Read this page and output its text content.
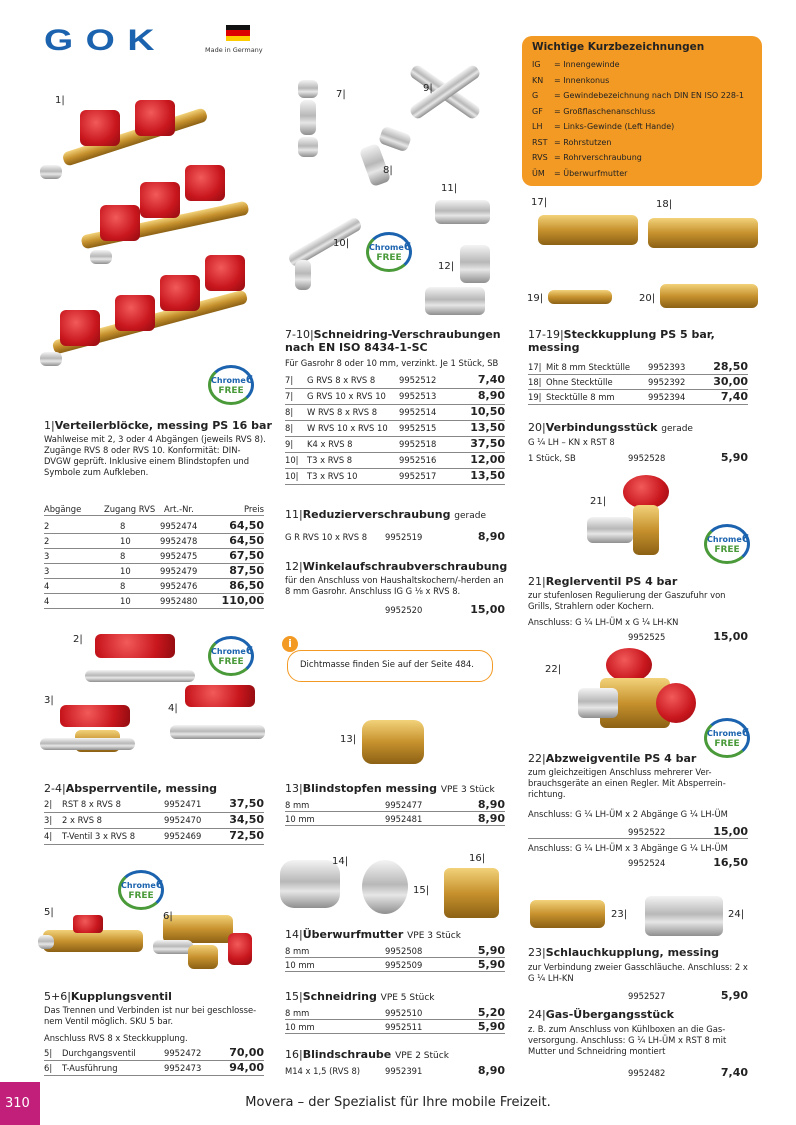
GOK	Made in Germany	Wichtige Kurzbezeichnungen
IG	= Innengewinde
KN	= Innenkonus
G	= Gewindebezeichnung nach DIN EN ISO 228-1
GF	= Großflaschenanschluss
LH	= Links-Gewinde (Left Hande)
RST = Rohrstutzen
RVS = Rohrverschraubung
ÜM	= Überwurfmutter
1|
Chrome6
FREE
1|Verteilerblöcke, messing PS 16 bar
Wahlweise mit 2, 3 oder 4 Abgängen (jeweils RVS 8). Zugänge RVS 8 oder RVS 10. Konformität: DIN-DVGW geprüft. Inklusive einem Blindstopfen und Symbole zum Aufkleben.
Abgänge	Zugang RVS	Art.-Nr.	Preis
2	8	9952474	64,50
2	10	9952478	64,50
3	8	9952475	67,50
3	10	9952479	87,50
4	8	9952476	86,50
4	10	9952480 110,00
2|
3|
4|
Chrome6
FREE
2-4|Absperrventile, messing
2| RST 8 x RVS 8	9952471	37,50
3| 2 x RVS 8	9952470	34,50
4| T-Ventil 3 x RVS 8	9952469	72,50
Chrome6
FREE
5|	6|
5+6|Kupplungsventil
Das Trennen und Verbinden ist nur bei geschlosse-nem Ventil möglich. SKU 5 bar.
Anschluss RVS 8 x Steckkupplung.
5| Durchgangsventil	9952472	70,00
6| T-Ausführung	9952473	94,00
7|
8|
9|
10|
11|
12|
Chrome6
FREE
7-10|Schneidring-Verschraubungen nach EN ISO 8434-1-SC
Für Gasrohr 8 oder 10 mm, verzinkt. Je 1 Stück, SB
7| G RVS 8 x RVS 8	9952512	7,40
7| G RVS 10 x RVS 10 9952513	8,90
8| W RVS 8 x RVS 8	9952514	10,50
8| W RVS 10 x RVS 10 9952515	13,50
9| K4 x RVS 8	9952518	37,50
10| T3 x RVS 8	9952516	12,00
10| T3 x RVS 10	9952517	13,50
11|Reduzierverschraubung gerade
G R RVS 10 x RVS 8 9952519	8,90
12|Winkelaufschraubverschraubung
für den Anschluss von Haushaltskochern/-herden an 8 mm Gasrohr. Anschluss IG G ⅛ x RVS 8.
9952520	15,00
i
Dichtmasse finden Sie auf der Seite 484.
13|
13|Blindstopfen messing VPE 3 Stück
8 mm	9952477	8,90
10 mm	9952481	8,90
14|
15|
16|
14|Überwurfmutter VPE 3 Stück
8 mm	9952508	5,90
10 mm	9952509	5,90
15|Schneidring VPE 5 Stück
8 mm	9952510	5,20
10 mm	9952511	5,90
16|Blindschraube VPE 2 Stück
M14 x 1,5 (RVS 8)	9952391	8,90
17|	18|
19|	20|
17-19|Steckkupplung PS 5 bar, messing
17| Mit 8 mm Stecktülle 9952393	28,50
18| Ohne Stecktülle	9952392	30,00
19| Stecktülle 8 mm	9952394	7,40
20|Verbindungsstück gerade
G ¼ LH – KN x RST 8
1 Stück, SB	9952528	5,90
21|
Chrome6
FREE
21|Reglerventil PS 4 bar
zur stufenlosen Regulierung der Gaszufuhr von Grills, Strahlern oder Kochern.
Anschluss: G ¼ LH-ÜM x G ¼ LH-KN
9952525	15,00
22|
Chrome6
FREE
22|Abzweigventile PS 4 bar
zum gleichzeitigen Anschluss mehrerer Ver-brauchsgeräte an einen Regler. Mit Absperrein-richtung.
Anschluss: G ¼ LH-ÜM x 2 Abgänge G ¼ LH-ÜM
9952522	15,00
Anschluss: G ¼ LH-ÜM x 3 Abgänge G ¼ LH-ÜM
9952524	16,50
23|	24|
23|Schlauchkupplung, messing
zur Verbindung zweier Gasschläuche. Anschluss: 2 x G ¼ LH-KN
9952527	5,90
24|Gas-Übergangsstück
z. B. zum Anschluss von Kühlboxen an die Gas-versorgung. Anschluss: G ¼ LH-ÜM x RST 8 mit Mutter und Schneidring montiert
9952482	7,40
310	Movera – der Spezialist für Ihre mobile Freizeit.
